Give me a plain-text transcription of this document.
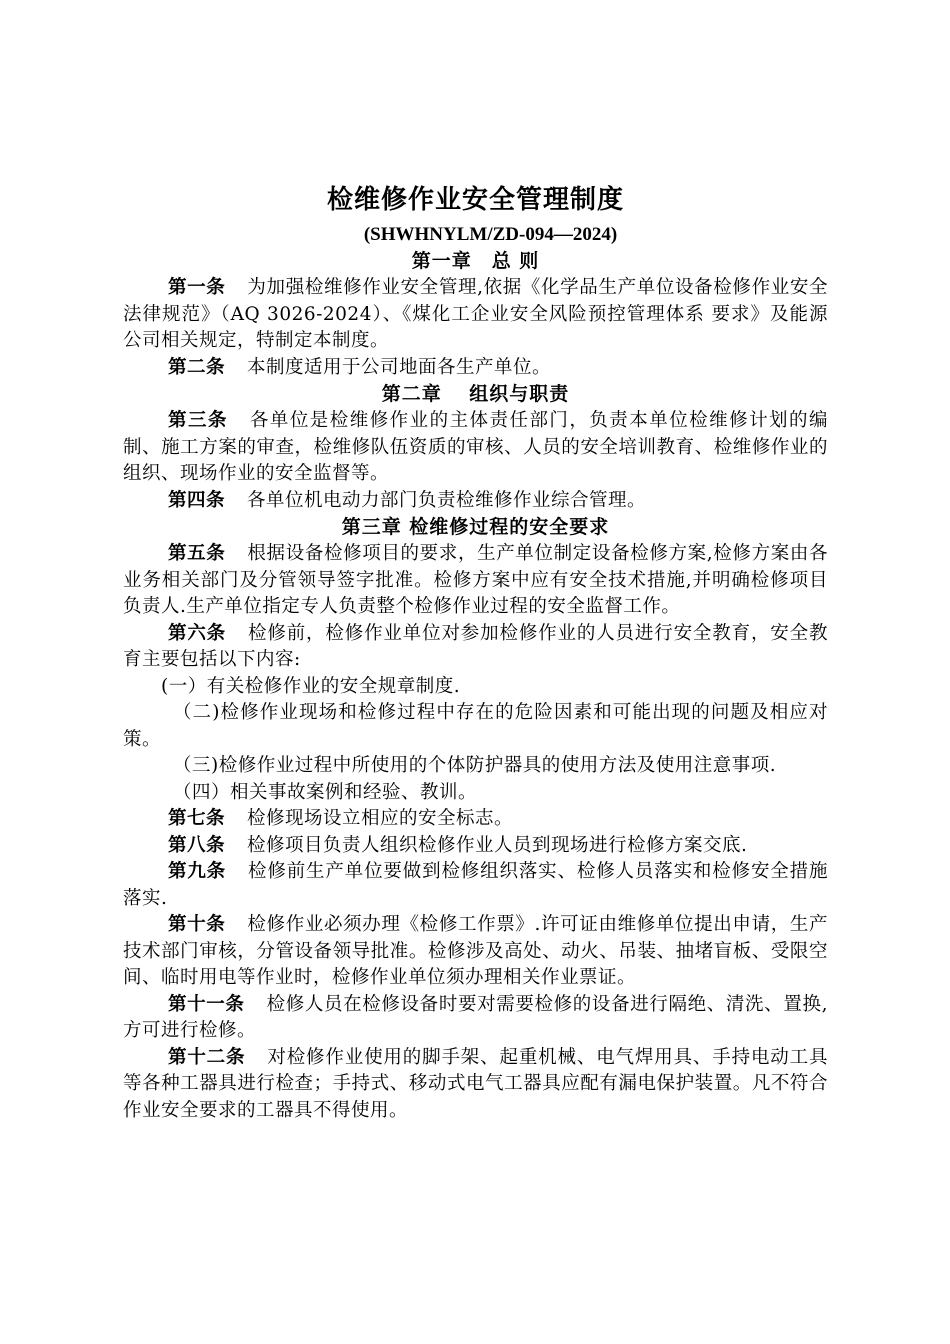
检维修作业安全管理制度

(SHWHNYLM/ZD-094—2024)

第一章　总 则

第一条 为加强检维修作业安全管理,依据《化学品生产单位设备检修作业安全法律规范》（AQ 3026-2024）、《煤化工企业安全风险预控管理体系 要求》及能源公司相关规定，特制定本制度。

第二条 本制度适用于公司地面各生产单位。

第二章　 组织与职责

第三条 各单位是检维修作业的主体责任部门，负责本单位检维修计划的编制、施工方案的审查，检维修队伍资质的审核、人员的安全培训教育、检维修作业的组织、现场作业的安全监督等。

第四条 各单位机电动力部门负责检维修作业综合管理。

第三章 检维修过程的安全要求

第五条 根据设备检修项目的要求，生产单位制定设备检修方案,检修方案由各业务相关部门及分管领导签字批准。检修方案中应有安全技术措施,并明确检修项目负责人.生产单位指定专人负责整个检修作业过程的安全监督工作。

第六条 检修前，检修作业单位对参加检修作业的人员进行安全教育，安全教育主要包括以下内容:

(一）有关检修作业的安全规章制度.

（二)检修作业现场和检修过程中存在的危险因素和可能出现的问题及相应对策。

（三)检修作业过程中所使用的个体防护器具的使用方法及使用注意事项.

（四）相关事故案例和经验、教训。

第七条 检修现场设立相应的安全标志。

第八条 检修项目负责人组织检修作业人员到现场进行检修方案交底.

第九条 检修前生产单位要做到检修组织落实、检修人员落实和检修安全措施落实.

第十条 检修作业必须办理《检修工作票》.许可证由维修单位提出申请，生产技术部门审核，分管设备领导批准。检修涉及高处、动火、吊装、抽堵盲板、受限空间、临时用电等作业时，检修作业单位须办理相关作业票证。

第十一条 检修人员在检修设备时要对需要检修的设备进行隔绝、清洗、置换,方可进行检修。

第十二条 对检修作业使用的脚手架、起重机械、电气焊用具、手持电动工具等各种工器具进行检查；手持式、移动式电气工器具应配有漏电保护装置。凡不符合作业安全要求的工器具不得使用。
